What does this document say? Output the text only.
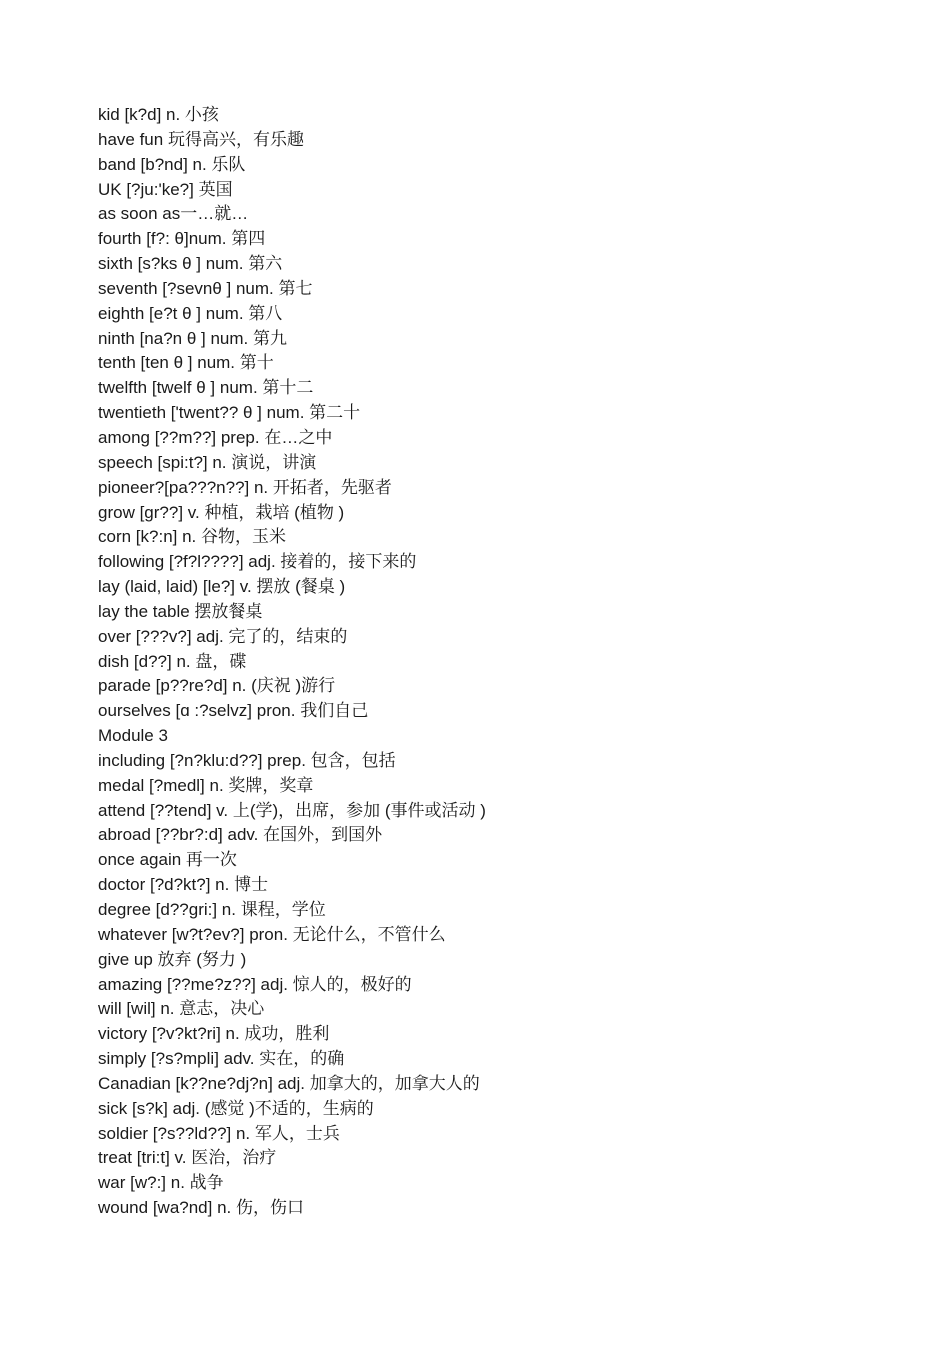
kid [k?d] n. 小孩
have fun 玩得高兴，有乐趣
band [b?nd] n. 乐队
UK [?ju:'ke?] 英国
as soon as一…就…
fourth [f?: θ]num. 第四
sixth [s?ks θ ] num. 第六
seventh [?sevnθ ] num. 第七
eighth [e?t θ ] num. 第八
ninth [na?n θ ] num. 第九
tenth [ten θ ] num. 第十
twelfth [twelf θ ] num. 第十二
twentieth ['twent?? θ ] num. 第二十
among [??m??] prep. 在…之中
speech [spi:t?] n. 演说，讲演
pioneer?[pa???n??] n. 开拓者，先驱者
grow [gr??] v. 种植，栽培 (植物 )
corn [k?:n] n. 谷物，玉米
following [?f?l????] adj. 接着的，接下来的
lay (laid, laid) [le?] v. 摆放 (餐桌 )
lay the table 摆放餐桌
over [???v?] adj. 完了的，结束的
dish [d??] n. 盘，碟
parade [p??re?d] n. (庆祝 )游行
ourselves [ɑ :?selvz] pron. 我们自己
Module 3
including [?n?klu:d??] prep. 包含，包括
medal [?medl] n. 奖牌，奖章
attend [??tend] v. 上(学)，出席，参加 (事件或活动 )
abroad [??br?:d] adv. 在国外，到国外
once again 再一次
doctor [?d?kt?] n. 博士
degree [d??gri:] n. 课程，学位
whatever [w?t?ev?] pron. 无论什么，不管什么
give up 放弃 (努力 )
amazing [??me?z??] adj. 惊人的，极好的
will [wil] n. 意志，决心
victory [?v?kt?ri] n. 成功，胜利
simply [?s?mpli] adv. 实在，的确
Canadian [k??ne?dj?n] adj. 加拿大的，加拿大人的
sick [s?k] adj. (感觉 )不适的，生病的
soldier [?s??ld??] n. 军人，士兵
treat [tri:t] v. 医治，治疗
war [w?:] n. 战争
wound [wa?nd] n. 伤，伤口
